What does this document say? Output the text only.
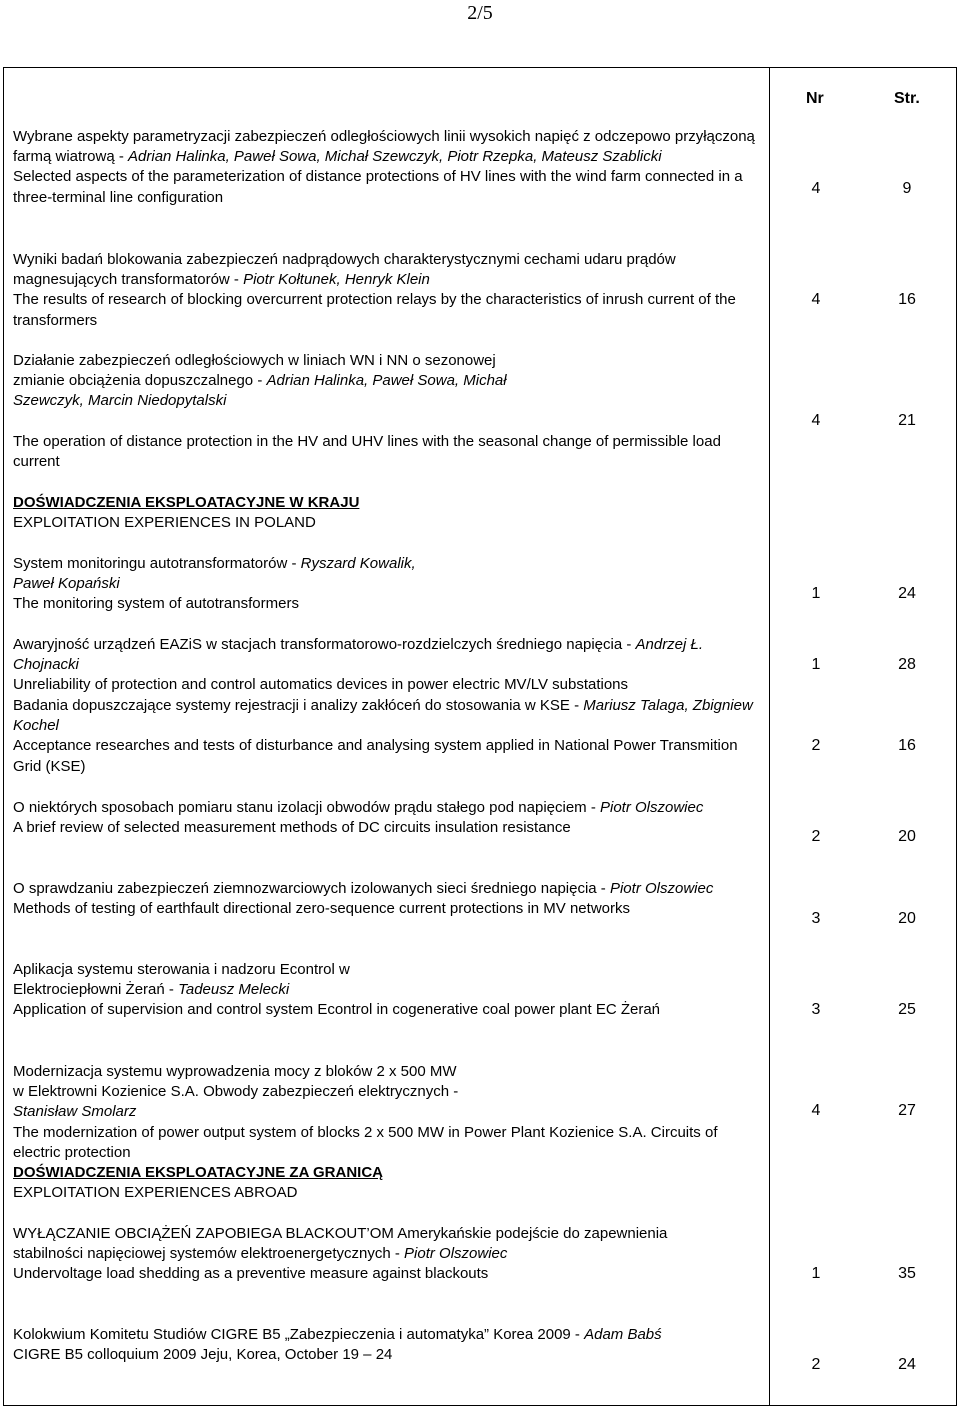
2/5
Nr	Str.

Wybrane aspekty parametryzacji zabezpieczeń odległościowych linii wysokich napięć z odczepowo przyłączoną farmą wiatrową - Adrian Halinka, Paweł Sowa, Michał Szewczyk, Piotr Rzepka, Mateusz Szablicki

Selected aspects of the parameterization of distance protections of HV lines with the wind farm connected in a three-terminal line configuration

4	9

Wyniki badań blokowania zabezpieczeń nadprądowych charakterystycznymi cechami udaru prądów magnesujących transformatorów - Piotr Kołtunek, Henryk Klein

The results of research of blocking overcurrent protection relays by the characteristics of inrush current of the transformers

4	16

Działanie zabezpieczeń odległościowych w liniach WN i NN o sezonowej zmianie obciążenia dopuszczalnego - Adrian Halinka, Paweł Sowa, Michał Szewczyk, Marcin Niedopytalski

The operation of distance protection in the HV and UHV lines with the seasonal change of permissible load current

4	21

DOŚWIADCZENIA EKSPLOATACYJNE W KRAJU

EXPLOITATION EXPERIENCES IN POLAND

System monitoringu autotransformatorów - Ryszard Kowalik, Paweł Kopański

The monitoring system of autotransformers

1	24

Awaryjność urządzeń EAZiS w stacjach transformatorowo-rozdzielczych średniego napięcia - Andrzej Ł. Chojnacki

Unreliability of protection and control automatics devices in power electric MV/LV substations

1	28

Badania dopuszczające systemy rejestracji i analizy zakłóceń do stosowania w KSE - Mariusz Talaga, Zbigniew Kochel

Acceptance researches and tests of disturbance and analysing system applied in National Power Transmition Grid (KSE)

2	16

O niektórych sposobach pomiaru stanu izolacji obwodów prądu stałego pod napięciem - Piotr Olszowiec

A brief review of selected measurement methods of DC circuits insulation resistance

2	20

O sprawdzaniu zabezpieczeń ziemnozwarciowych izolowanych sieci średniego napięcia - Piotr Olszowiec

Methods of testing of earthfault directional zero-sequence current protections in MV networks

3	20

Aplikacja systemu sterowania i nadzoru Econtrol w Elektrociepłowni Żerań - Tadeusz Melecki

Application of supervision and control system Econtrol in cogenerative coal power plant EC Żerań	3	25

Modernizacja systemu wyprowadzenia mocy z bloków 2 x 500 MW w Elektrowni Kozienice S.A. Obwody zabezpieczeń elektrycznych - Stanisław Smolarz

The modernization of power output system of blocks 2 x 500 MW in Power Plant Kozienice S.A. Circuits of electric protection

4	27

DOŚWIADCZENIA EKSPLOATACYJNE ZA GRANICĄ

EXPLOITATION EXPERIENCES ABROAD

WYŁĄCZANIE OBCIĄŻEŃ ZAPOBIEGA BLACKOUT’OM Amerykańskie podejście do zapewnienia stabilności napięciowej systemów elektroenergetycznych - Piotr Olszowiec

Undervoltage load shedding as a preventive measure against blackouts	1	35

Kolokwium Komitetu Studiów CIGRE B5 „Zabezpieczenia i automatyka” Korea 2009 - Adam Babś

CIGRE B5 colloquium 2009 Jeju, Korea, October 19 – 24

2	24
